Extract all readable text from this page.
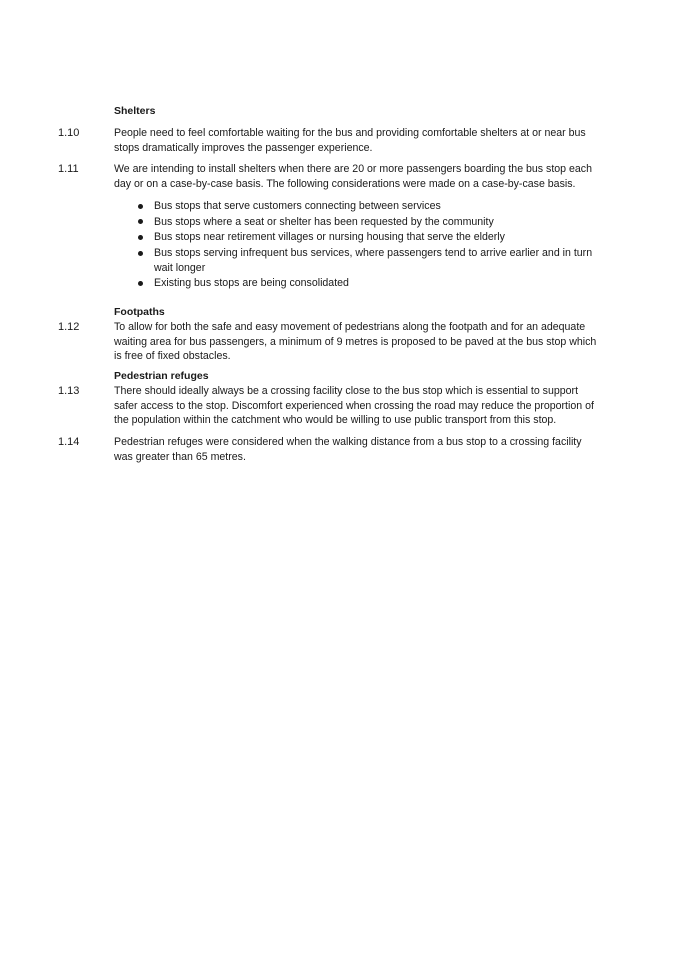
Shelters
1.10	People need to feel comfortable waiting for the bus and providing comfortable shelters at or near bus stops dramatically improves the passenger experience.
1.11	We are intending to install shelters when there are 20 or more passengers boarding the bus stop each day or on a case-by-case basis. The following considerations were made on a case-by-case basis.
Bus stops that serve customers connecting between services
Bus stops where a seat or shelter has been requested by the community
Bus stops near retirement villages or nursing housing that serve the elderly
Bus stops serving infrequent bus services, where passengers tend to arrive earlier and in turn wait longer
Existing bus stops are being consolidated
Footpaths
1.12	To allow for both the safe and easy movement of pedestrians along the footpath and for an adequate waiting area for bus passengers, a minimum of 9 metres is proposed to be paved at the bus stop which is free of fixed obstacles.
Pedestrian refuges
1.13	There should ideally always be a crossing facility close to the bus stop which is essential to support safer access to the stop. Discomfort experienced when crossing the road may reduce the proportion of the population within the catchment who would be willing to use public transport from this stop.
1.14	Pedestrian refuges were considered when the walking distance from a bus stop to a crossing facility was greater than 65 metres.
